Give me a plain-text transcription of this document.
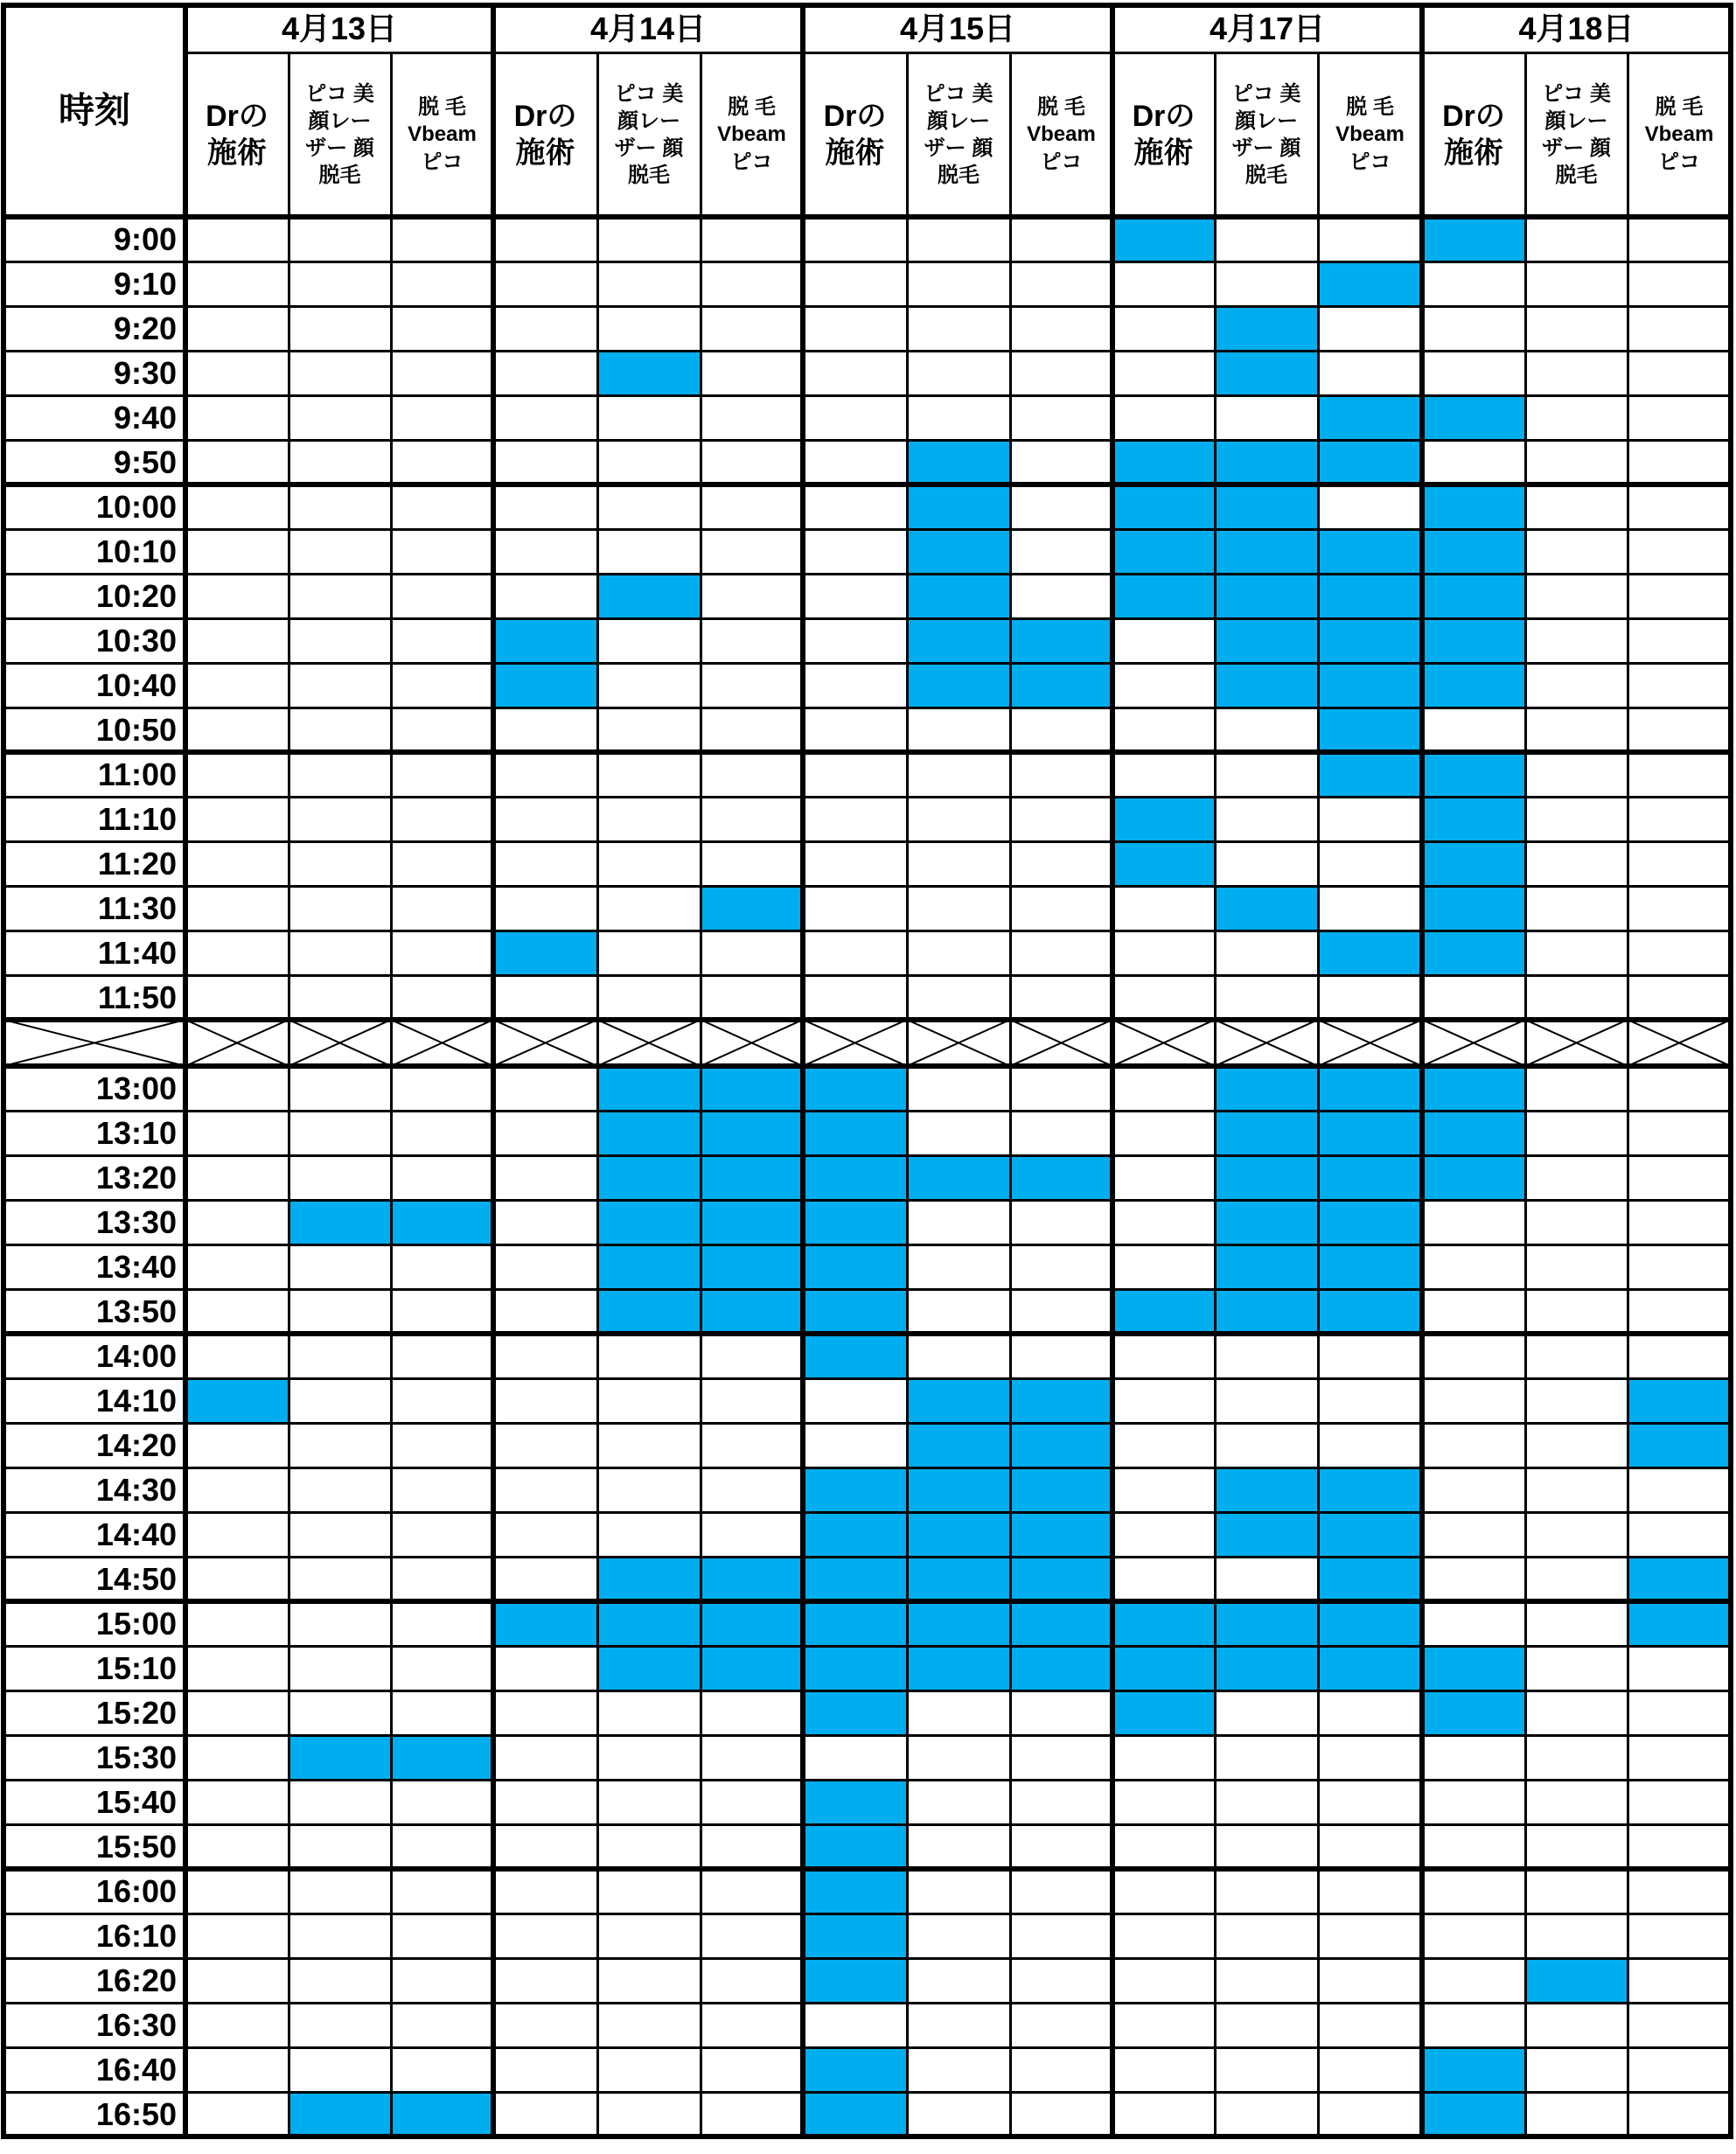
時刻
4月13日
Drの
施術
ピコ 美
顔レー
ザー 顔
脱毛
脱 毛
Vbeam
ピコ
4月14日
Drの
施術
ピコ 美
顔レー
ザー 顔
脱毛
脱 毛
Vbeam
ピコ
4月15日
Drの
施術
ピコ 美
顔レー
ザー 顔
脱毛
脱 毛
Vbeam
ピコ
4月17日
Drの
施術
ピコ 美
顔レー
ザー 顔
脱毛
脱 毛
Vbeam
ピコ
4月18日
Drの
施術
ピコ 美
顔レー
ザー 顔
脱毛
脱 毛
Vbeam
ピコ
9:00
9:10
9:20
9:30
9:40
9:50
10:00
10:10
10:20
10:30
10:40
10:50
11:00
11:10
11:20
11:30
11:40
11:50
13:00
13:10
13:20
13:30
13:40
13:50
14:00
14:10
14:20
14:30
14:40
14:50
15:00
15:10
15:20
15:30
15:40
15:50
16:00
16:10
16:20
16:30
16:40
16:50
